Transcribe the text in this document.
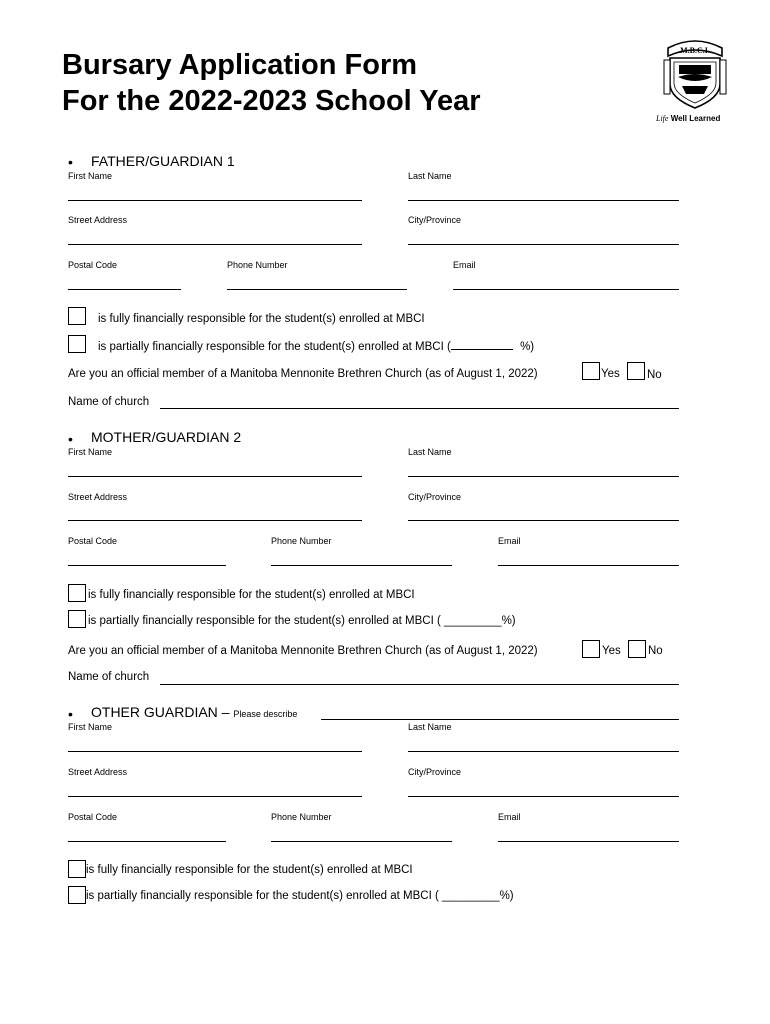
Bursary Application Form
For the 2022-2023 School Year
M.B.C.I.
Life Well Learned
• FATHER/GUARDIAN 1
First Name	Last Name
Street Address	City/Province
Postal Code	Phone Number	Email
is fully financially responsible for the student(s) enrolled at MBCI
is partially financially responsible for the student(s) enrolled at MBCI (	%)
Are you an official member of a Manitoba Mennonite Brethren Church (as of August 1, 2022)	Yes No
Name of church
• MOTHER/GUARDIAN 2
First Name	Last Name
Street Address	City/Province
Postal Code	Phone Number	Email
is fully financially responsible for the student(s) enrolled at MBCI
is partially financially responsible for the student(s) enrolled at MBCI ( _________%)
Are you an official member of a Manitoba Mennonite Brethren Church (as of August 1, 2022)	Yes No
Name of church
• OTHER GUARDIAN – Please describe
First Name	Last Name
Street Address	City/Province
Postal Code	Phone Number	Email
is fully financially responsible for the student(s) enrolled at MBCI
is partially financially responsible for the student(s) enrolled at MBCI ( _________%)
